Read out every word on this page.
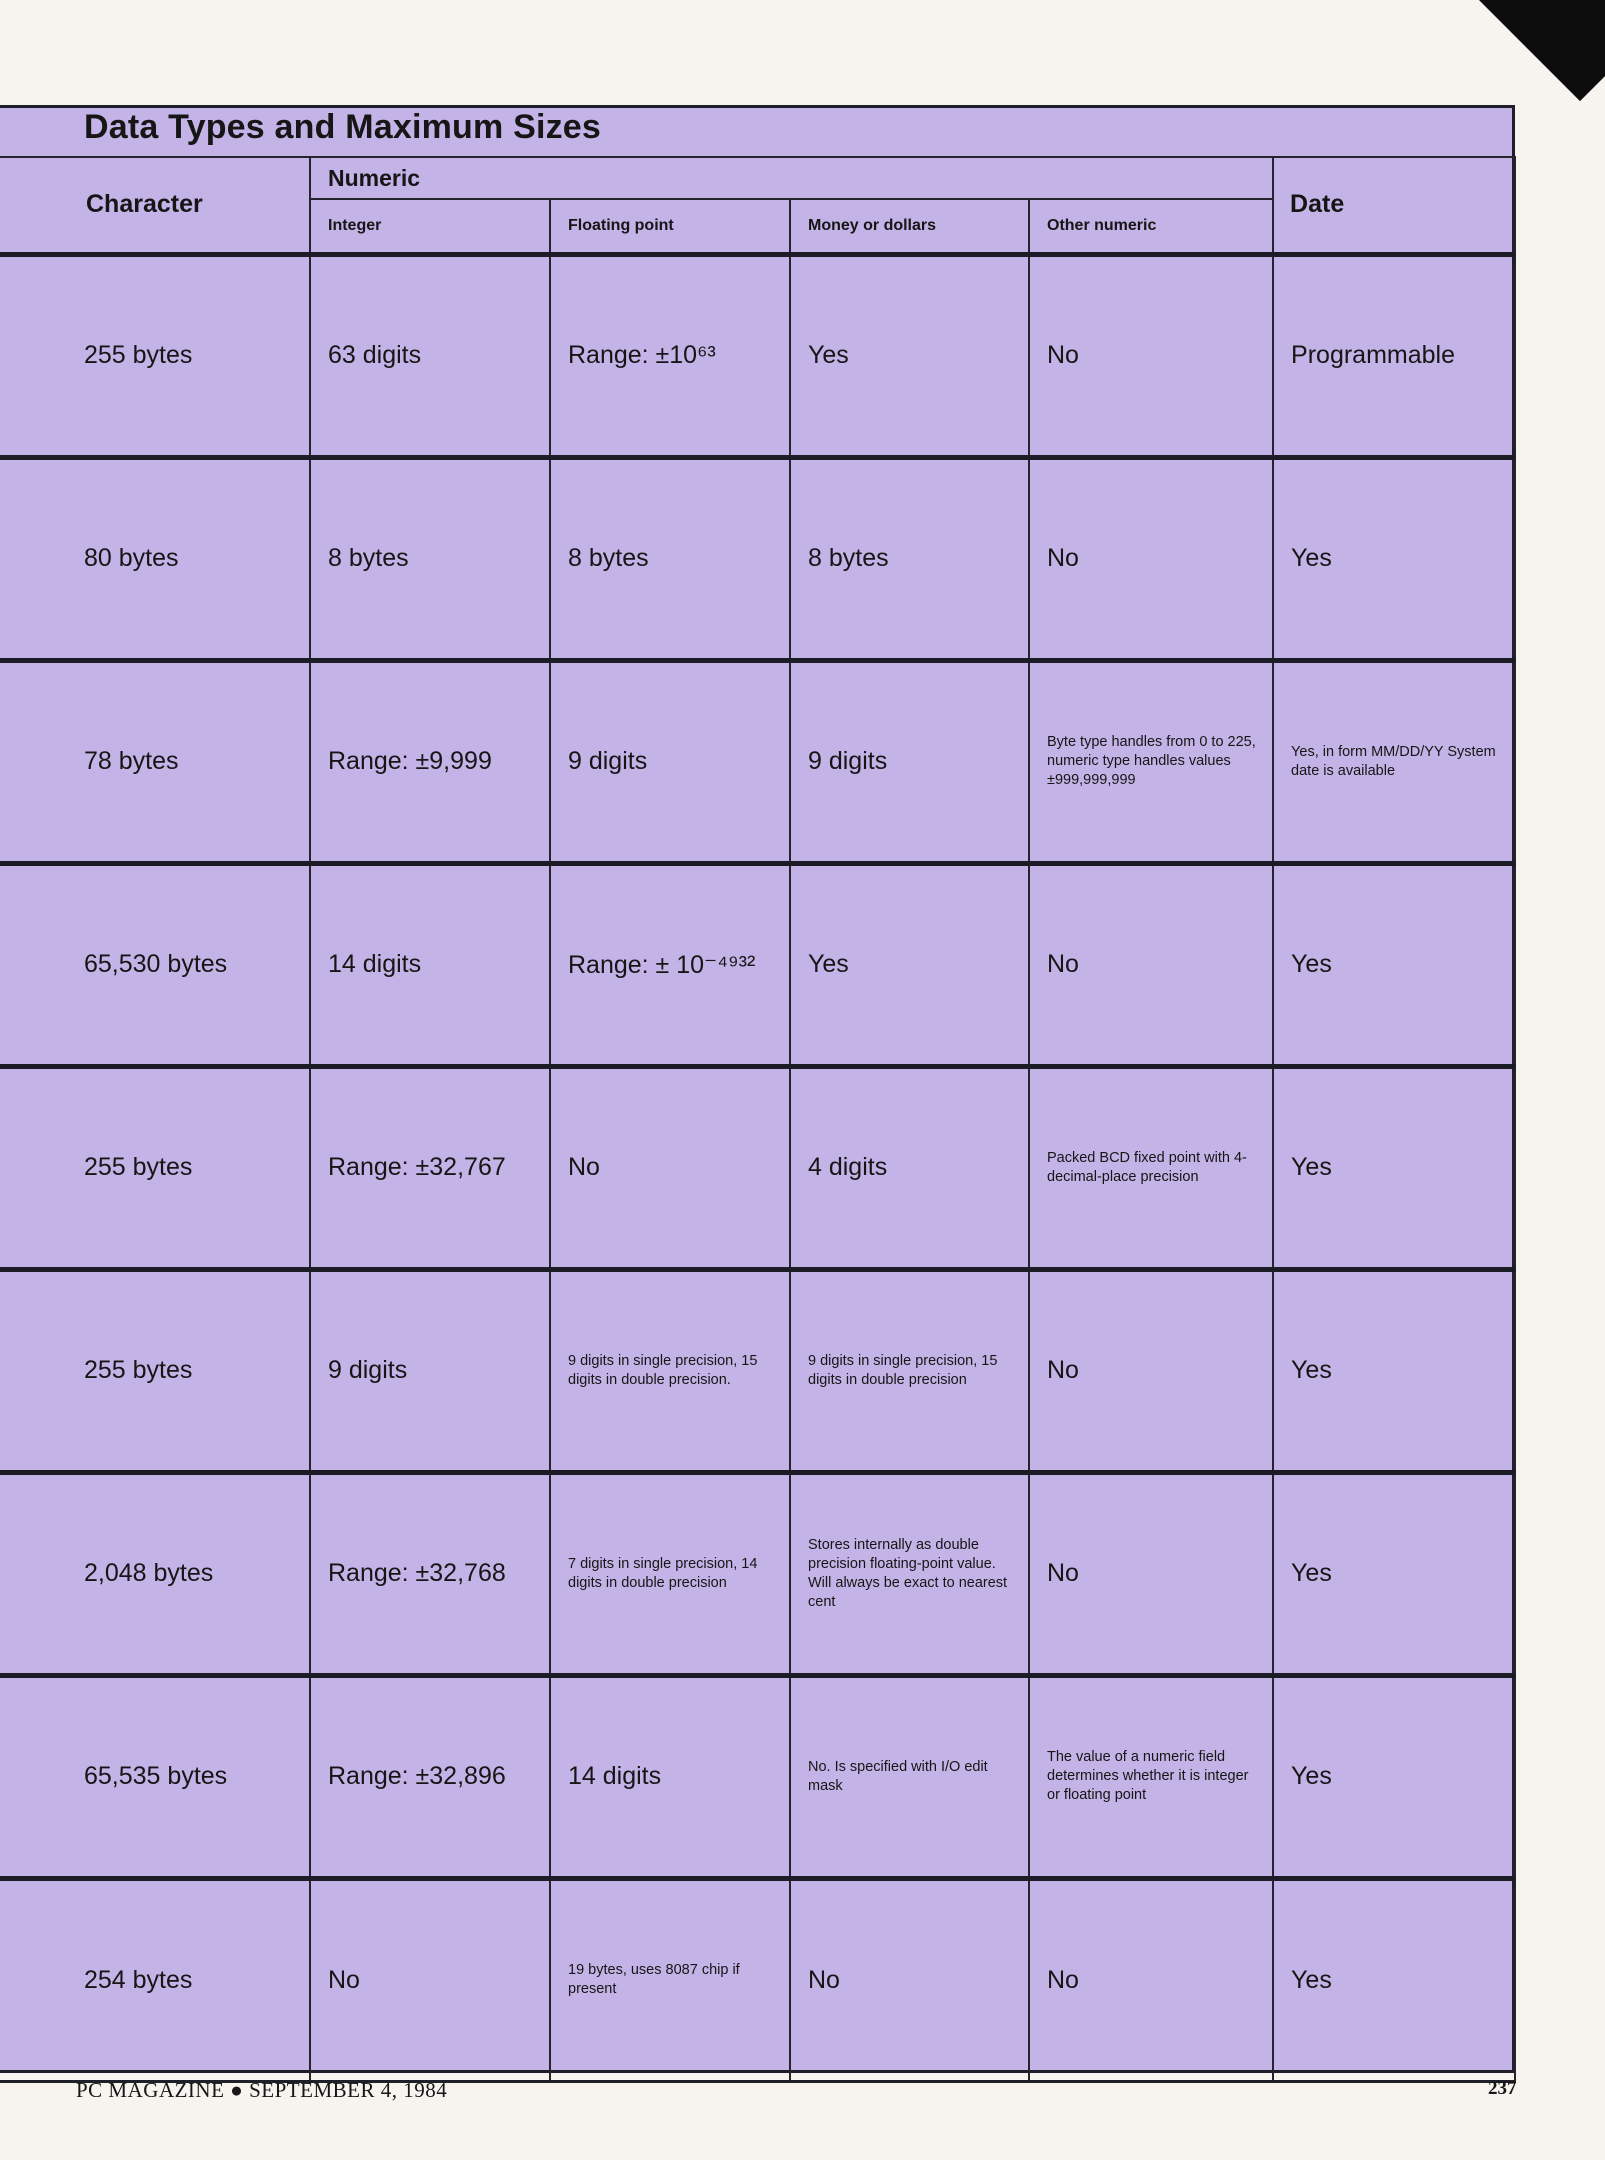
Data Types and Maximum Sizes
Character	Numeric				Date
	Integer	Floating point	Money or dollars	Other numeric	
255 bytes	63 digits	Range: ±10⁶³	Yes	No	Programmable
80 bytes	8 bytes	8 bytes	8 bytes	No	Yes
78 bytes	Range: ±9,999	9 digits	9 digits	Byte type handles from 0 to 225, numeric type handles values ±999,999,999	Yes, in form MM/DD/YY System date is available
65,530 bytes	14 digits	Range: ± 10⁻⁴⁹³²	Yes	No	Yes
255 bytes	Range: ±32,767	No	4 digits	Packed BCD fixed point with 4-decimal-place precision	Yes
255 bytes	9 digits	9 digits in single precision, 15 digits in double precision.	9 digits in single precision, 15 digits in double precision	No	Yes
2,048 bytes	Range: ±32,768	7 digits in single precision, 14 digits in double precision	Stores internally as double precision floating-point value. Will always be exact to nearest cent	No	Yes
65,535 bytes	Range: ±32,896	14 digits	No. Is specified with I/O edit mask	The value of a numeric field determines whether it is integer or floating point	Yes
254 bytes	No	19 bytes, uses 8087 chip if present	No	No	Yes
PC MAGAZINE ● SEPTEMBER 4, 1984	237
